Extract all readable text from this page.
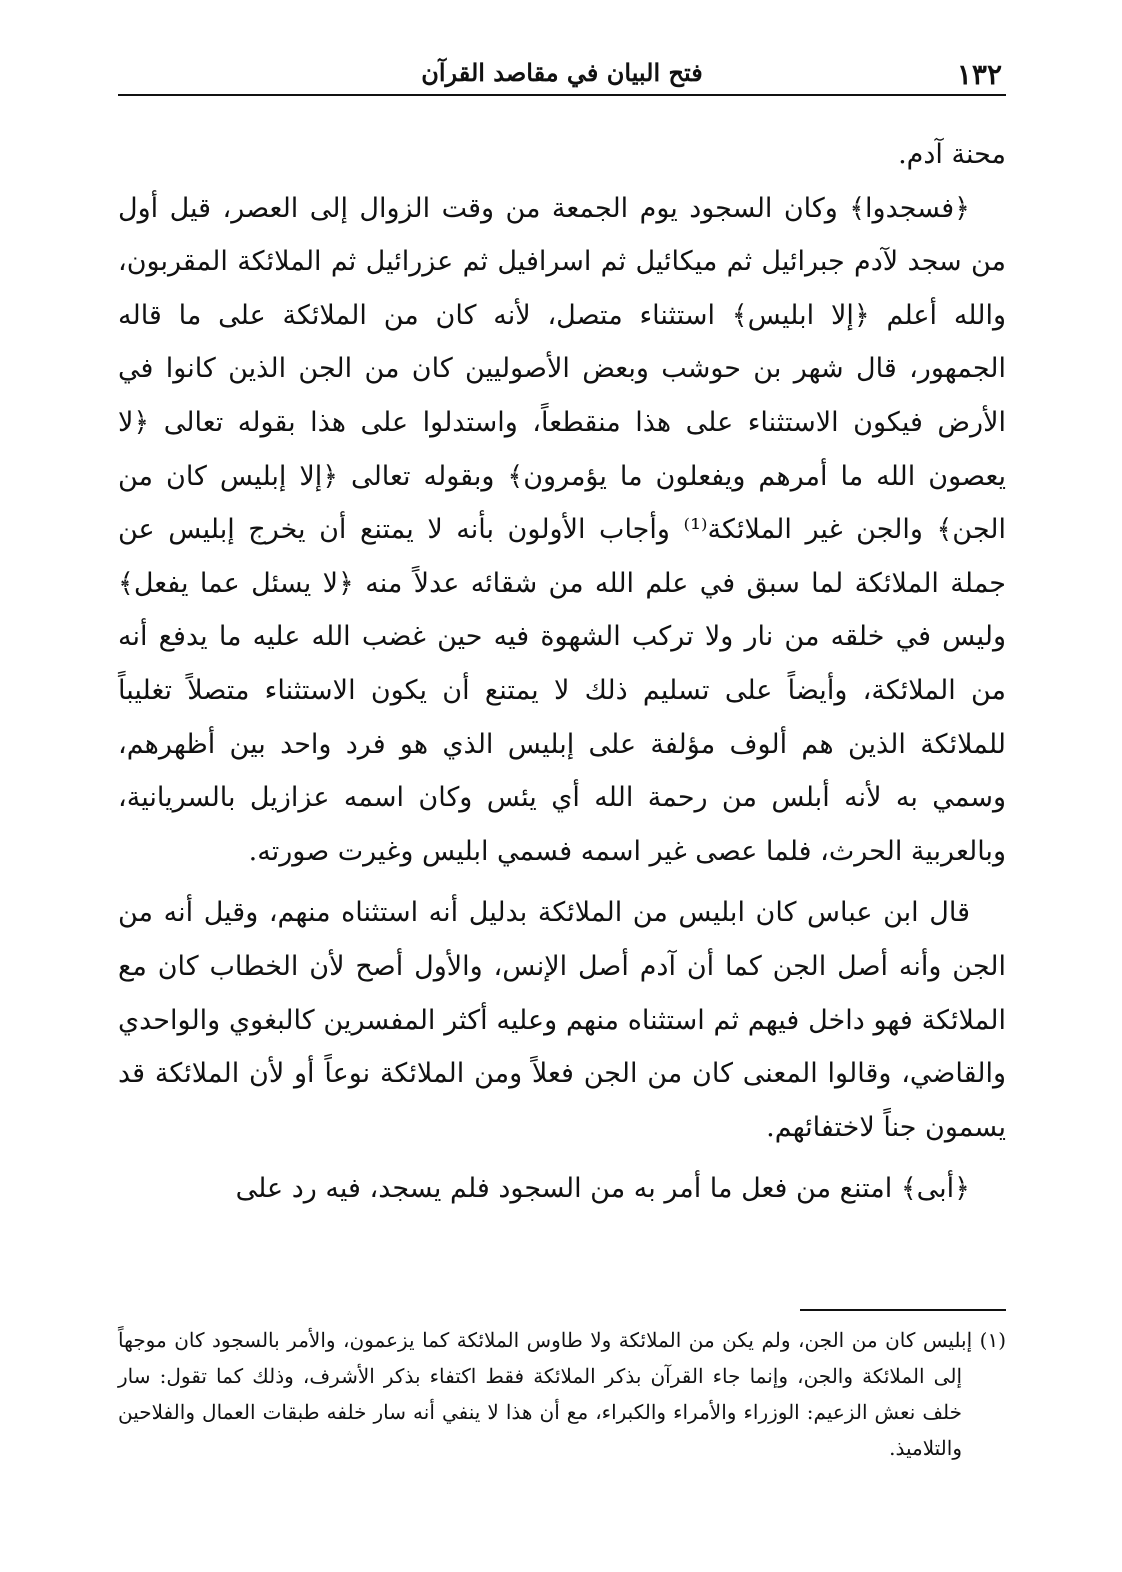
١٣٢
فتح البيان في مقاصد القرآن

محنة آدم.

﴿فسجدوا﴾ وكان السجود يوم الجمعة من وقت الزوال إلى العصر، قيل أول من سجد لآدم جبرائيل ثم ميكائيل ثم اسرافيل ثم عزرائيل ثم الملائكة المقربون، والله أعلم ﴿إلا ابليس﴾ استثناء متصل، لأنه كان من الملائكة على ما قاله الجمهور، قال شهر بن حوشب وبعض الأصوليين كان من الجن الذين كانوا في الأرض فيكون الاستثناء على هذا منقطعاً، واستدلوا على هذا بقوله تعالى ﴿لا يعصون الله ما أمرهم ويفعلون ما يؤمرون﴾ وبقوله تعالى ﴿إلا إبليس كان من الجن﴾ والجن غير الملائكة⁽¹⁾ وأجاب الأولون بأنه لا يمتنع أن يخرج إبليس عن جملة الملائكة لما سبق في علم الله من شقائه عدلاً منه ﴿لا يسئل عما يفعل﴾ وليس في خلقه من نار ولا تركب الشهوة فيه حين غضب الله عليه ما يدفع أنه من الملائكة، وأيضاً على تسليم ذلك لا يمتنع أن يكون الاستثناء متصلاً تغليباً للملائكة الذين هم ألوف مؤلفة على إبليس الذي هو فرد واحد بين أظهرهم، وسمي به لأنه أبلس من رحمة الله أي يئس وكان اسمه عزازيل بالسريانية، وبالعربية الحرث، فلما عصى غير اسمه فسمي ابليس وغيرت صورته.

قال ابن عباس كان ابليس من الملائكة بدليل أنه استثناه منهم، وقيل أنه من الجن وأنه أصل الجن كما أن آدم أصل الإنس، والأول أصح لأن الخطاب كان مع الملائكة فهو داخل فيهم ثم استثناه منهم وعليه أكثر المفسرين كالبغوي والواحدي والقاضي، وقالوا المعنى كان من الجن فعلاً ومن الملائكة نوعاً أو لأن الملائكة قد يسمون جناً لاختفائهم.

﴿أبى﴾ امتنع من فعل ما أمر به من السجود فلم يسجد، فيه رد على

(١) إبليس كان من الجن، ولم يكن من الملائكة ولا طاوس الملائكة كما يزعمون، والأمر بالسجود كان موجهاً إلى الملائكة والجن، وإنما جاء القرآن بذكر الملائكة فقط اكتفاء بذكر الأشرف، وذلك كما تقول: سار خلف نعش الزعيم: الوزراء والأمراء والكبراء، مع أن هذا لا ينفي أنه سار خلفه طبقات العمال والفلاحين والتلاميذ.
